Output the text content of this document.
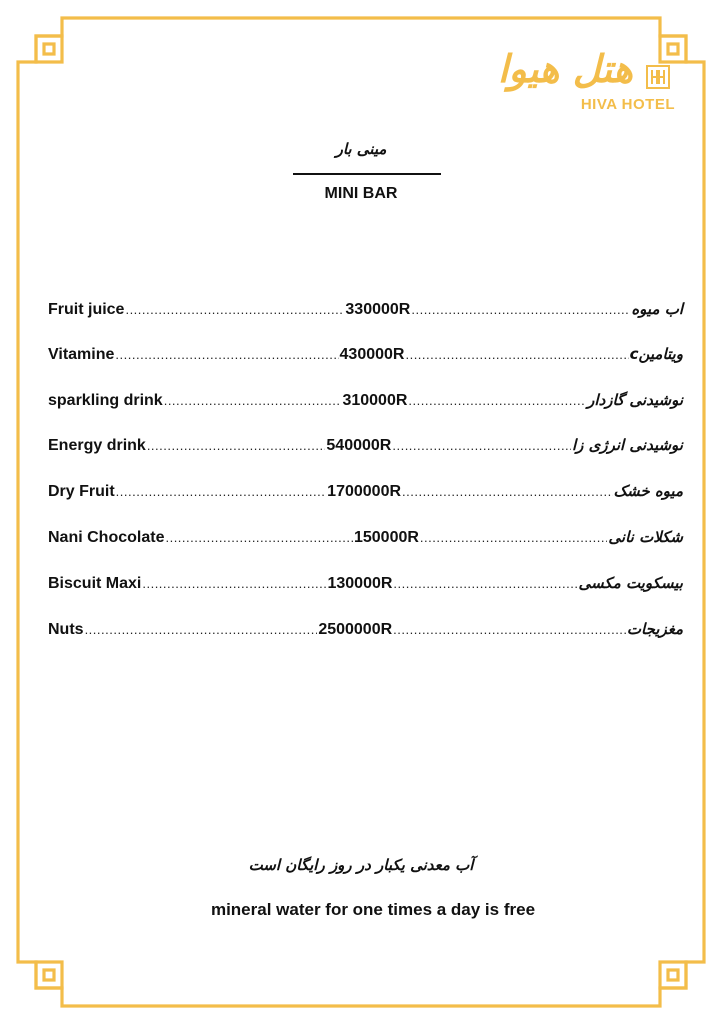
هتل هیوا
HIVA HOTEL
مینی بار
MINI BAR
Fruit juice .....	330000R .....	اب میوه
Vitamine .....	430000R .....	ویتامینc
sparkling drink .....	310000R .....	نوشیدنی گازدار
Energy drink .....	540000R .....	نوشیدنی انرژی زا
Dry Fruit .....	1700000R .....	میوه خشک
Nani Chocolate .....	150000R .....	شکلات نانی
Biscuit Maxi .....	130000R .....	بیسکویت مکسی
Nuts .....	2500000R .....	مغزیجات
آب معدنی یکبار در روز رایگان است
mineral water for one times a day is free
